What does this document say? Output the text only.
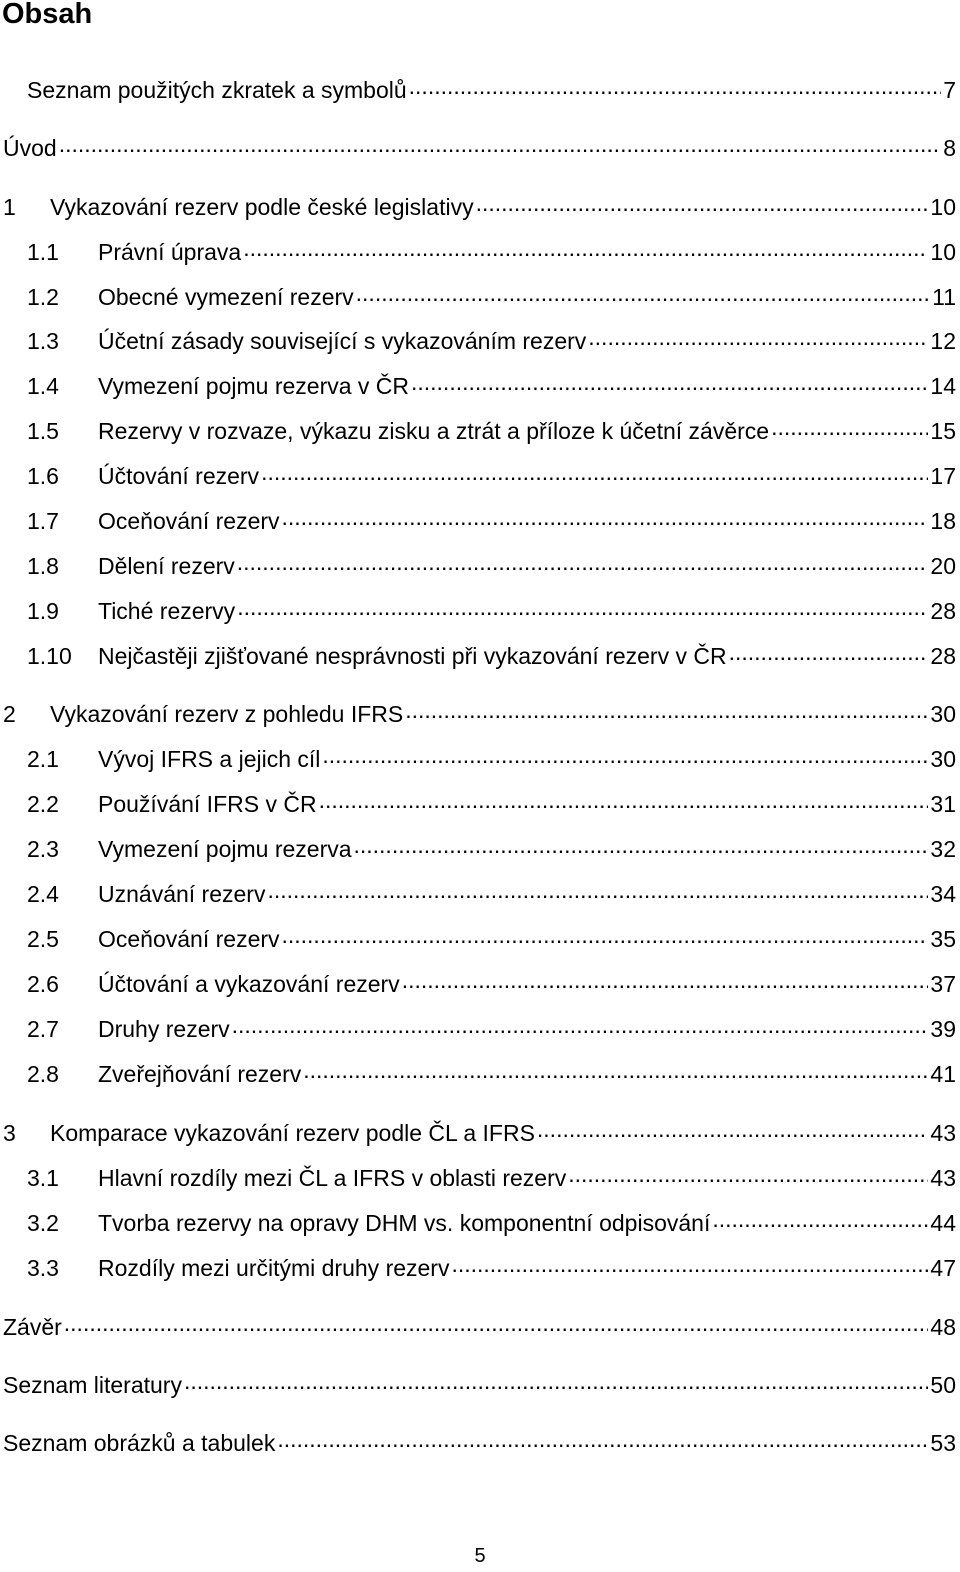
Obsah
Seznam použitých zkratek a symbolů . . .	7
Úvod . . .	8
1	Vykazování rezerv podle české legislativy . . .	10
1.1	Právní úprava . . .	10
1.2	Obecné vymezení rezerv . . .	11
1.3	Účetní zásady související s vykazováním rezerv . . .	12
1.4	Vymezení pojmu rezerva v ČR . . .	14
1.5	Rezervy v rozvaze, výkazu zisku a ztrát a příloze k účetní závěrce . . .	15
1.6	Účtování rezerv . . .	17
1.7	Oceňování rezerv . . .	18
1.8	Dělení rezerv . . .	20
1.9	Tiché rezervy . . .	28
1.10	Nejčastěji zjišťované nesprávnosti při vykazování rezerv v ČR . . .	28
2	Vykazování rezerv z pohledu IFRS . . .	30
2.1	Vývoj IFRS a jejich cíl . . .	30
2.2	Používání IFRS v ČR . . .	31
2.3	Vymezení pojmu rezerva . . .	32
2.4	Uznávání rezerv . . .	34
2.5	Oceňování rezerv . . .	35
2.6	Účtování a vykazování rezerv . . .	37
2.7	Druhy rezerv . . .	39
2.8	Zveřejňování rezerv . . .	41
3	Komparace vykazování rezerv podle ČL a IFRS . . .	43
3.1	Hlavní rozdíly mezi ČL a IFRS v oblasti rezerv . . .	43
3.2	Tvorba rezervy na opravy DHM vs. komponentní odpisování . . .	44
3.3	Rozdíly mezi určitými druhy rezerv . . .	47
Závěr . . .	48
Seznam literatury . . .	50
Seznam obrázků a tabulek . . .	53
5
